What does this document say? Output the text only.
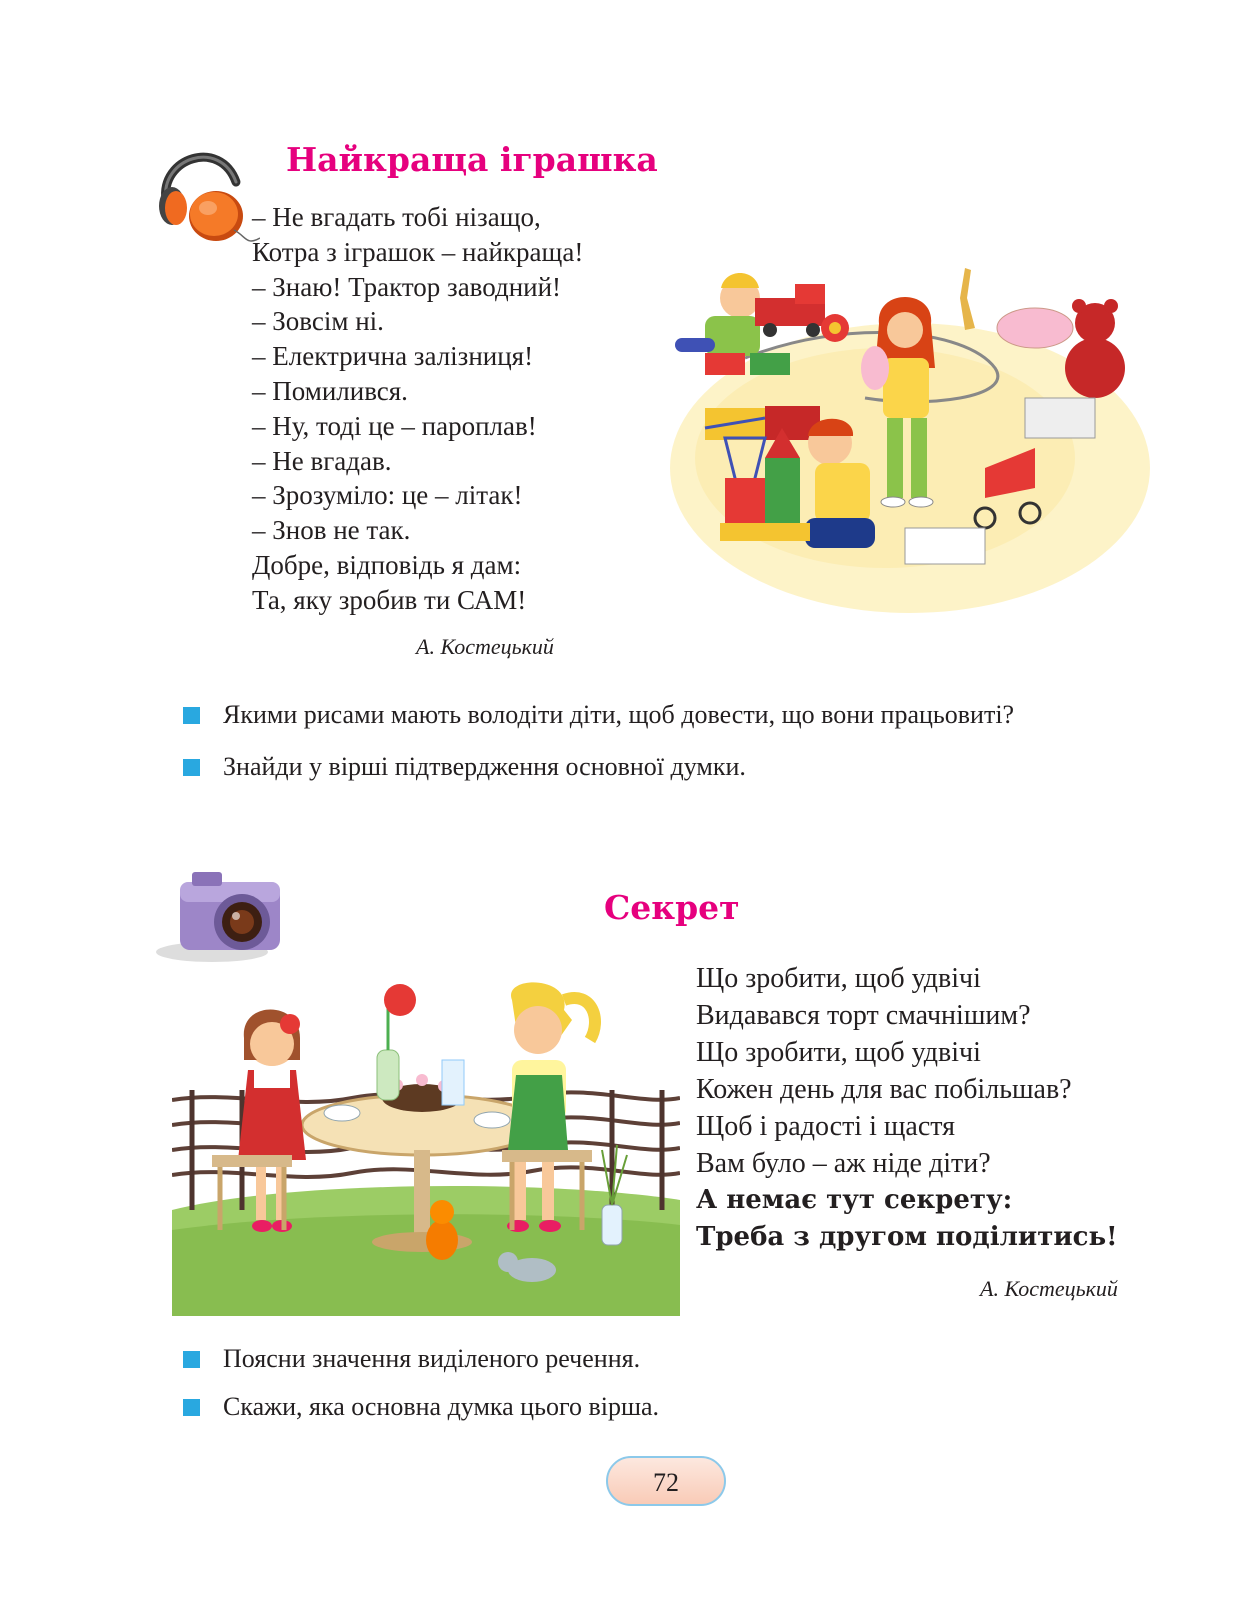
Найкраща іграшка
– Не вгадать тобі нізащо,
Котра з іграшок – найкраща!
– Знаю! Трактор заводний!
– Зовсім ні.
– Електрична залізниця!
– Помилився.
– Ну, тоді це – пароплав!
– Не вгадав.
– Зрозуміло: це – літак!
– Знов не так.
Добре, відповідь я дам:
Та, яку зробив ти САМ!
А. Костецький
Якими рисами мають володіти діти, щоб довести, що вони працьовиті?
Знайди у вірші підтвердження основної думки.
Секрет
Що зробити, щоб удвічі
Видавався торт смачнішим?
Що зробити, щоб удвічі
Кожен день для вас побільшав?
Щоб і радості і щастя
Вам було – аж ніде діти?
А немає тут секрету:
Треба з другом поділитись!
А. Костецький
Поясни значення виділеного речення.
Скажи, яка основна думка цього вірша.
72
